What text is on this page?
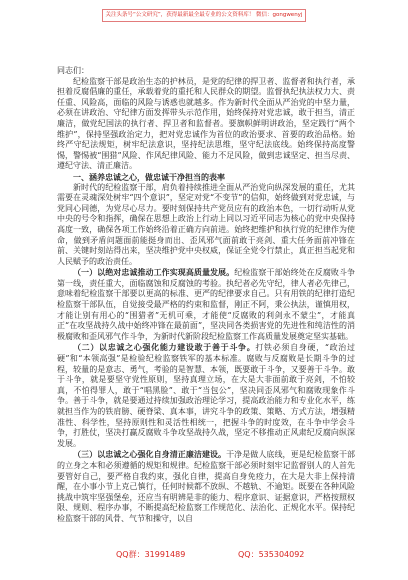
关注头条号“公文研究”，获得最新最全最专业的公文资料库！ 微信：gongwenyj

同志们：

纪检监察干部是政治生态的护林员，是党的纪律的捍卫者、监督者和执行者，承担着反腐倡廉的重任，承载着党的重托和人民群众的期望。监督执纪执法权力大、责任重、风险高，面临的风险与诱惑也就越多。作为新时代全面从严治党的中坚力量，必须在讲政治、守纪律方面发挥带头示范作用，始终保持对党忠诚，敢于担当，清正廉洁，做党纪国法的执行者、捍卫者和监督者。要旗帜鲜明讲政治，坚定践行“两个维护”，保持坚强政治定力，把对党忠诚作为首位的政治要求、首要的政治品格。始终严守纪法规矩，树牢纪法意识，坚持纪法思维，坚守纪法底线。始终保持高度警惕，警惕被“围猎”风险、作风纪律风险、能力不足风险，做到忠诚坚定、担当尽责、遵纪守法、清正廉洁。

一、涵养忠诚之心，做忠诚干净担当的表率

新时代的纪检监察干部，肩负着持续推进全面从严治党向纵深发展的重任，尤其需要在灵魂深处树牢“四个意识”，坚定对党“不变节”的信仰，始终做到对党忠诚，与党同心同德，为党尽心尽力。要时刻保持共产党员应有的政治本色，一切行动听从党中央的号令和指挥，确保在思想上政治上行动上同以习近平同志为核心的党中央保持高度一致，确保各项工作始终沿着正确方向前进。始终把维护和执行党的纪律作为使命，做到矛盾问题面前能挺身而出、歪风邪气面前敢于亮剑、重大任务面前冲锋在前、关键时刻站得出来，坚决维护党中央权威，保证全党令行禁止，真正担当起党和人民赋予的政治责任。

（一）以绝对忠诚推动工作实现高质量发展。纪检监察干部始终处在反腐败斗争第一线，责任重大，面临腐蚀和反腐蚀的考验。执纪者必先守纪，律人者必先律己，意味着纪检监察干部要以更高的标准、更严的纪律要求自己。只有用铁的纪律打造纪检监察干部队伍，自觉接受最严格的约束和监督，刚正不阿，秉公执法，谨慎用权，才能让别有用心的“围猎者”无机可乘，才能使“反腐败的利剑永不蒙尘”，才能真正“在攻坚战持久战中始终冲锋在最前面”，坚决同各类损害党的先进性和纯洁性的消极腐败和歪风邪气作斗争，为新时代新阶段纪检监察工作高质量发展奠定坚实基础。

（二）以忠诚之心强化能力建设敢于善于斗争。打铁必须自身硬，“政治过硬”和“本领高强”是检验纪检监察铁军的基本标准。腐败与反腐败是长期斗争的过程，较量的是意志、勇气，考验的是智慧、本领，既要敢于斗争，又要善于斗争。敢于斗争，就是要坚守党性原则，坚持真理立场，在大是大非面前敢于亮剑，不怕较真，不怕得罪人，敢于“唱黑脸”、敢于“当包公”，坚决同歪风邪气和腐败现象作斗争。善于斗争，就是要通过持续加强政治理论学习，提高政治能力和专业化水平，练就担当作为的铁肩膀、硬脊梁、真本事，讲究斗争的政策、策略、方式方法，增强精准性、科学性，坚持原则性和灵活性相统一，把握斗争的时度效，在斗争中学会斗争，打胜仗，坚决打赢反腐败斗争攻坚战持久战，坚定不移推动正风肃纪反腐向纵深发展。

（三）以忠诚之心强化自身清正廉洁建设。干净是做人底线，更是纪检监察干部的立身之本和必须遵循的规矩和规律。纪检监察干部必须时刻牢记监督别人的人首先要管好自己，要严格自我约束，强化自律，提高自身免疫力，在大是大非上保持清醒，在小事小节上克己慎行，任何时候都不放纵、不越轨、不逾矩。既要在各种风险挑战中筑牢坚强堡垒，还应当有明辨是非的能力、程序意识、证据意识，严格按照权限、规则、程序办事，不断提高纪检监察工作规范化、法治化、正规化水平。保持纪检监察干部的风骨、气节和操守，以自

QQ群：31991489	QQ：535304092
